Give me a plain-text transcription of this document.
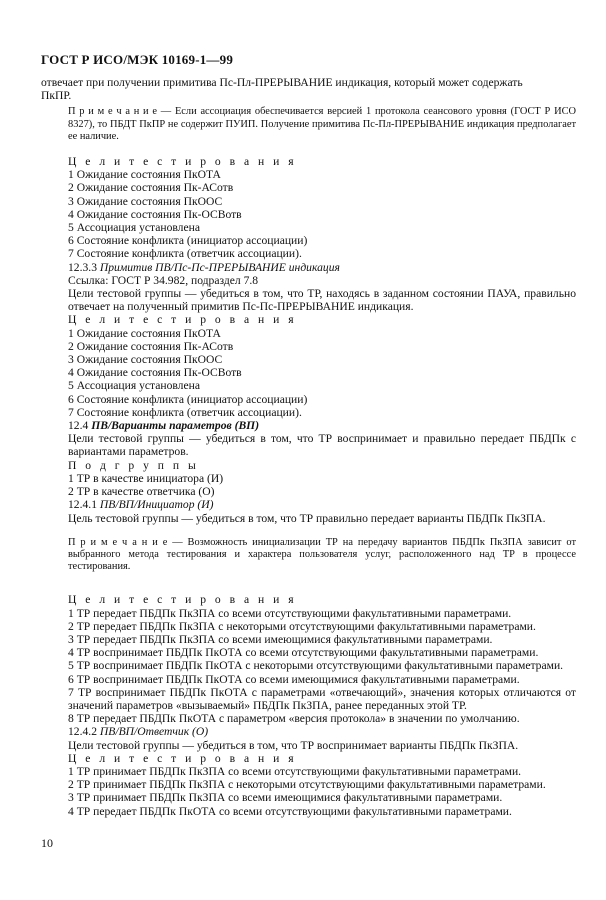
ГОСТ Р ИСО/МЭК 10169-1—99

отвечает при получении примитива Пс-Пл-ПРЕРЫВАНИЕ индикация, который может содержать

ПкПР.

П р и м е ч а н и е — Если ассоциация обеспечивается версией 1 протокола сеансового уровня (ГОСТ Р ИСО 8327), то ПБДТ ПкПР не содержит ПУИП. Получение примитива Пс-Пл-ПРЕРЫВАНИЕ индикация предполагает ее наличие.

Ц е л и т е с т и р о в а н и я

1 Ожидание состояния ПкОТА

2 Ожидание состояния Пк-АСотв

3 Ожидание состояния ПкООС

4 Ожидание состояния Пк-ОСВотв

5 Ассоциация установлена

6 Состояние конфликта (инициатор ассоциации)

7 Состояние конфликта (ответчик ассоциации).

12.3.3 Примитив ПВ/Пс-Пс-ПРЕРЫВАНИЕ индикация

Ссылка: ГОСТ Р 34.982, подраздел 7.8

Цели тестовой группы — убедиться в том, что ТР, находясь в заданном состоянии ПАУА, правильно отвечает на полученный примитив Пс-Пс-ПРЕРЫВАНИЕ индикация.

Ц е л и т е с т и р о в а н и я

1 Ожидание состояния ПкОТА

2 Ожидание состояния Пк-АСотв

3 Ожидание состояния ПкООС

4 Ожидание состояния Пк-ОСВотв

5 Ассоциация установлена

6 Состояние конфликта (инициатор ассоциации)

7 Состояние конфликта (ответчик ассоциации).

12.4 ПВ/Варианты параметров (ВП)

Цели тестовой группы — убедиться в том, что ТР воспринимает и правильно передает ПБДПк с вариантами параметров.

П о д г р у п п ы

1 ТР в качестве инициатора (И)

2 ТР в качестве ответчика (О)

12.4.1 ПВ/ВП/Инициатор (И)

Цель тестовой группы — убедиться в том, что ТР правильно передает варианты ПБДПк ПкЗПА.

П р и м е ч а н и е — Возможность инициализации ТР на передачу вариантов ПБДПк ПкЗПА зависит от выбранного метода тестирования и характера пользователя услуг, расположенного над ТР в процессе тестирования.

Ц е л и т е с т и р о в а н и я

1 ТР передает ПБДПк ПкЗПА со всеми отсутствующими факультативными параметрами.

2 ТР передает ПБДПк ПкЗПА с некоторыми отсутствующими факультативными параметрами.

3 ТР передает ПБДПк ПкЗПА со всеми имеющимися факультативными параметрами.

4 ТР воспринимает ПБДПк ПкОТА со всеми отсутствующими факультативными параметрами.

5 ТР воспринимает ПБДПк ПкОТА с некоторыми отсутствующими факультативными параметрами.

6 ТР воспринимает ПБДПк ПкОТА со всеми имеющимися факультативными параметрами.

7 ТР воспринимает ПБДПк ПкОТА с параметрами «отвечающий», значения которых отличаются от значений параметров «вызываемый» ПБДПк ПкЗПА, ранее переданных этой ТР.

8 ТР передает ПБДПк ПкОТА с параметром «версия протокола» в значении по умолчанию.

12.4.2 ПВ/ВП/Ответчик (О)

Цели тестовой группы — убедиться в том, что ТР воспринимает варианты ПБДПк ПкЗПА.

Ц е л и т е с т и р о в а н и я

1 ТР принимает ПБДПк ПкЗПА со всеми отсутствующими факультативными параметрами.

2 ТР принимает ПБДПк ПкЗПА с некоторыми отсутствующими факультативными параметрами.

3 ТР принимает ПБДПк ПкЗПА со всеми имеющимися факультативными параметрами.

4 ТР передает ПБДПк ПкОТА со всеми отсутствующими факультативными параметрами.

10
